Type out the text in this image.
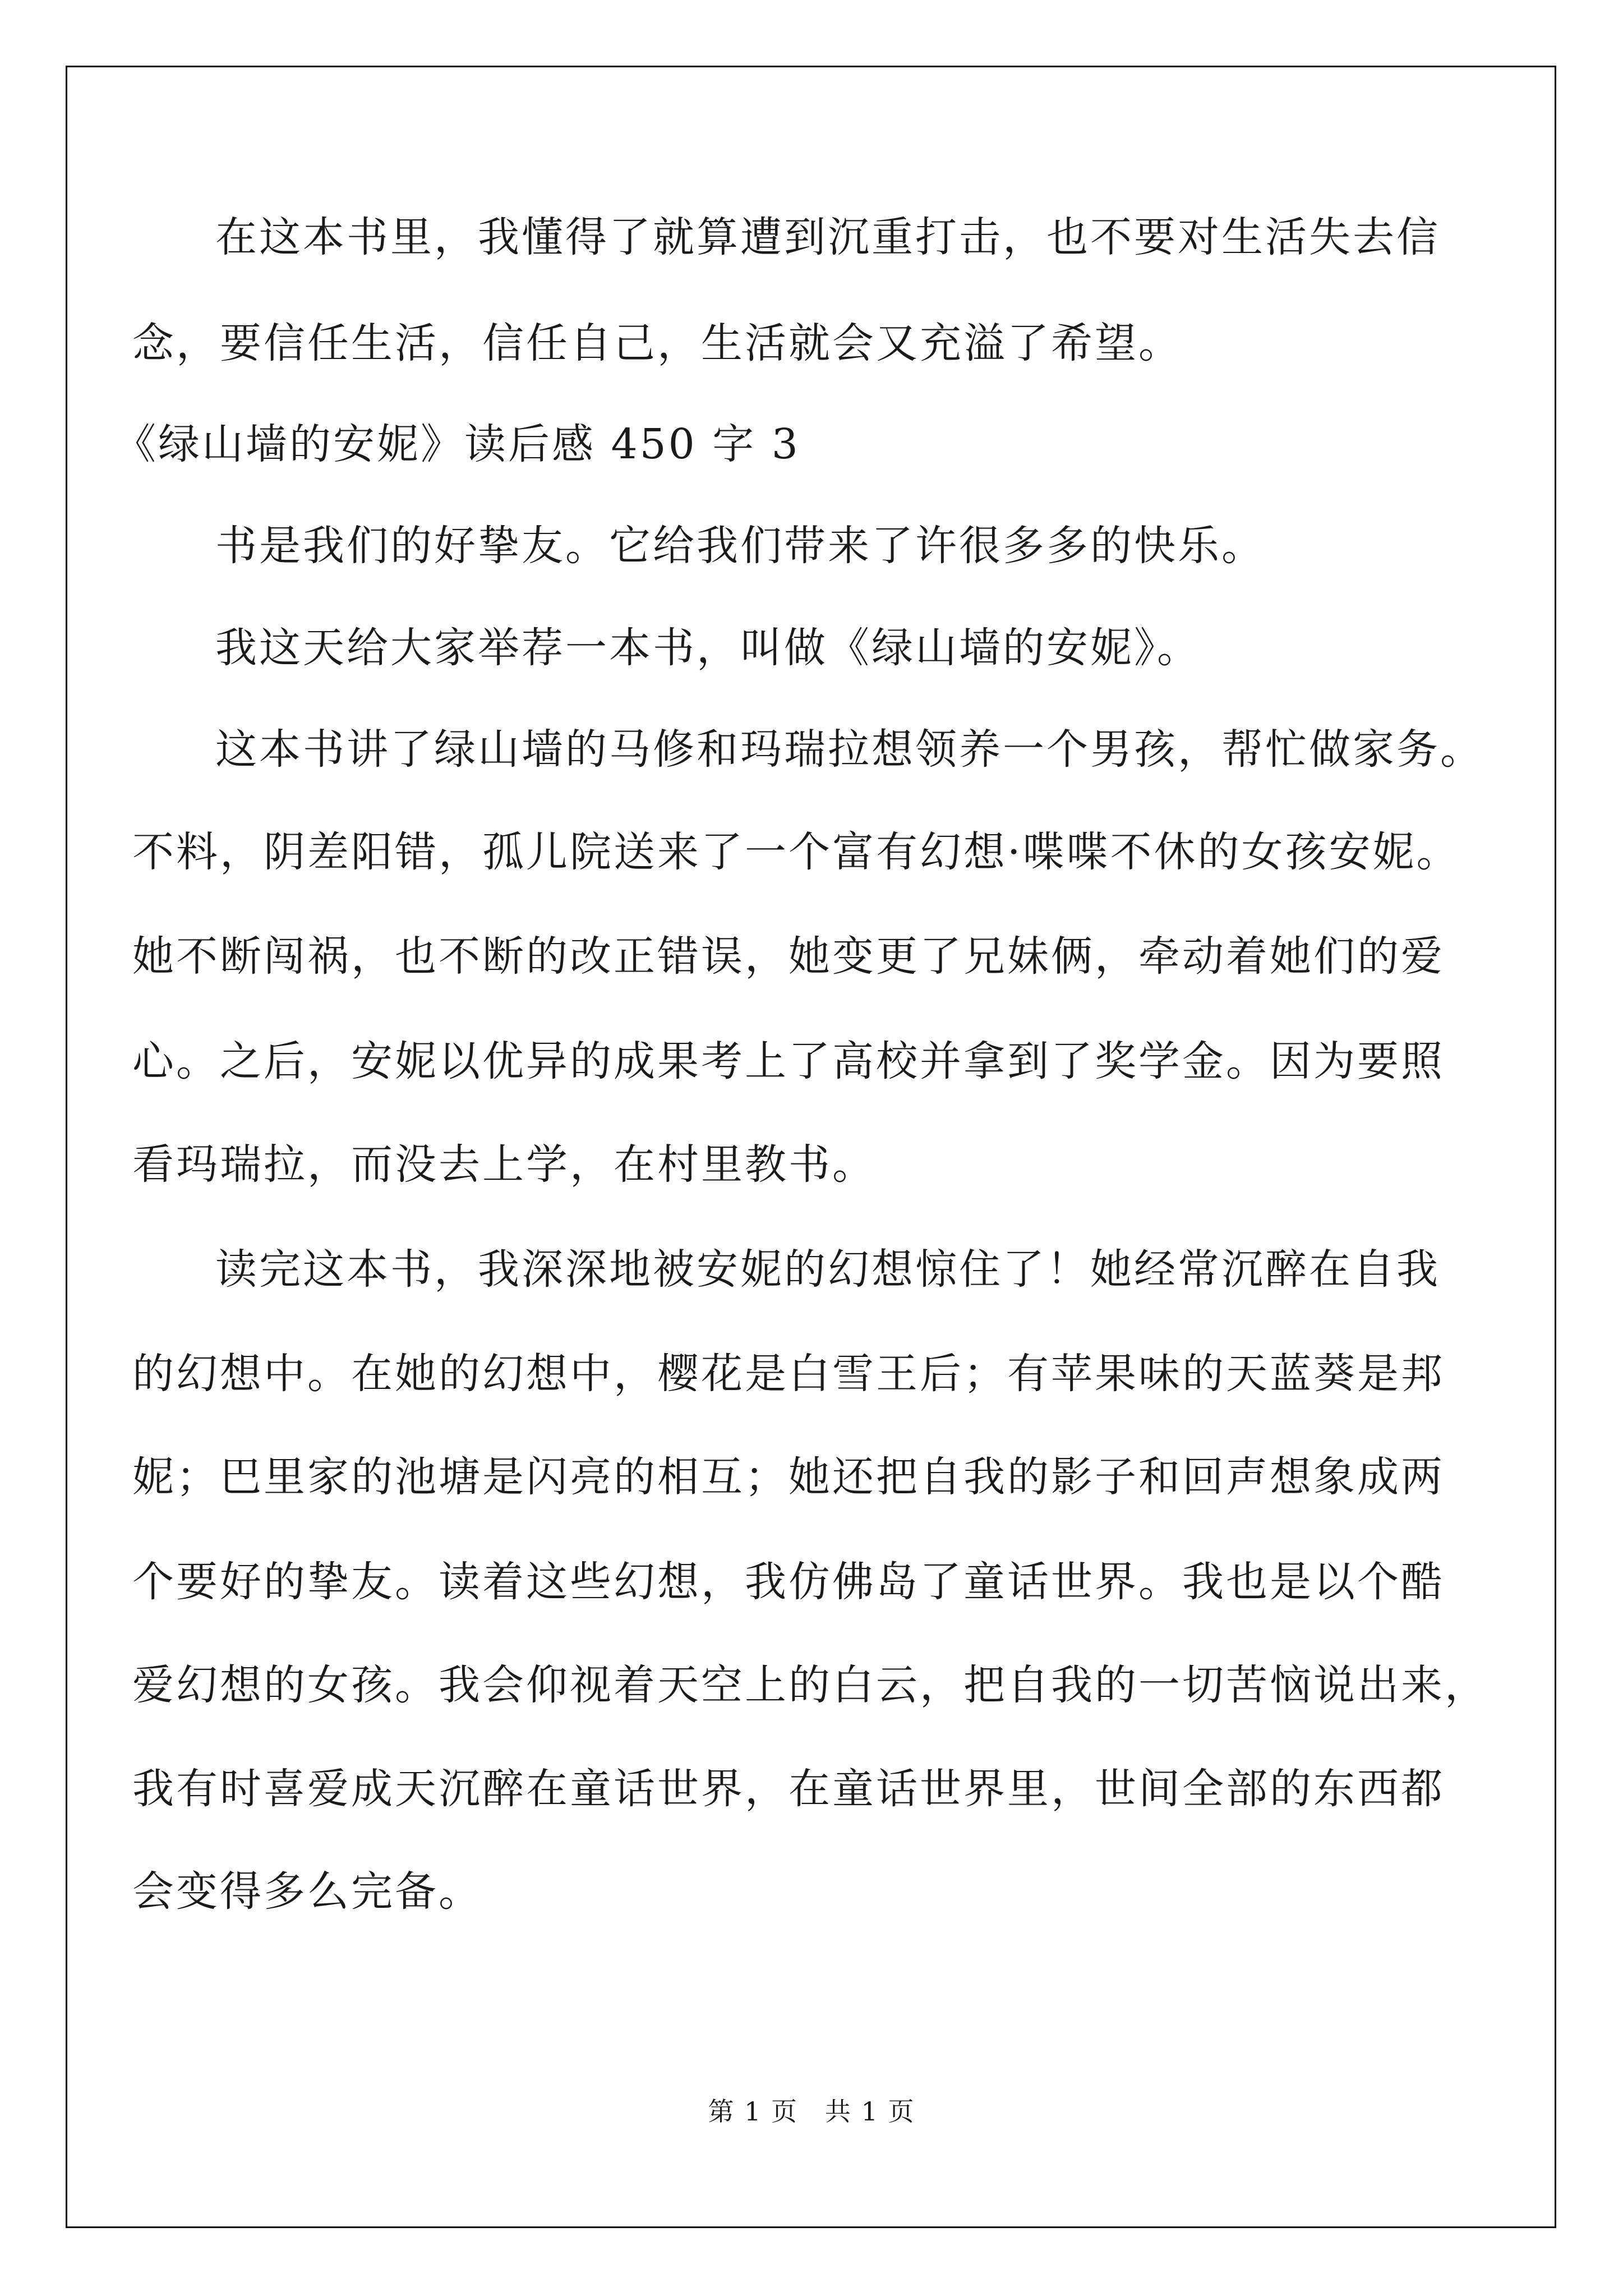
在这本书里，我懂得了就算遭到沉重打击，也不要对生活失去信
念，要信任生活，信任自己，生活就会又充溢了希望。
《绿山墙的安妮》读后感 450 字 3
书是我们的好挚友。它给我们带来了许很多多的快乐。
我这天给大家举荐一本书，叫做《绿山墙的安妮》。
这本书讲了绿山墙的马修和玛瑞拉想领养一个男孩，帮忙做家务。
不料，阴差阳错，孤儿院送来了一个富有幻想·喋喋不休的女孩安妮。
她不断闯祸，也不断的改正错误，她变更了兄妹俩，牵动着她们的爱
心。之后，安妮以优异的成果考上了高校并拿到了奖学金。因为要照
看玛瑞拉，而没去上学，在村里教书。
读完这本书，我深深地被安妮的幻想惊住了！她经常沉醉在自我
的幻想中。在她的幻想中，樱花是白雪王后；有苹果味的天蓝葵是邦
妮；巴里家的池塘是闪亮的相互；她还把自我的影子和回声想象成两
个要好的挚友。读着这些幻想，我仿佛岛了童话世界。我也是以个酷
爱幻想的女孩。我会仰视着天空上的白云，把自我的一切苦恼说出来，
我有时喜爱成天沉醉在童话世界，在童话世界里，世间全部的东西都
会变得多么完备。
第 1 页　共 1 页
